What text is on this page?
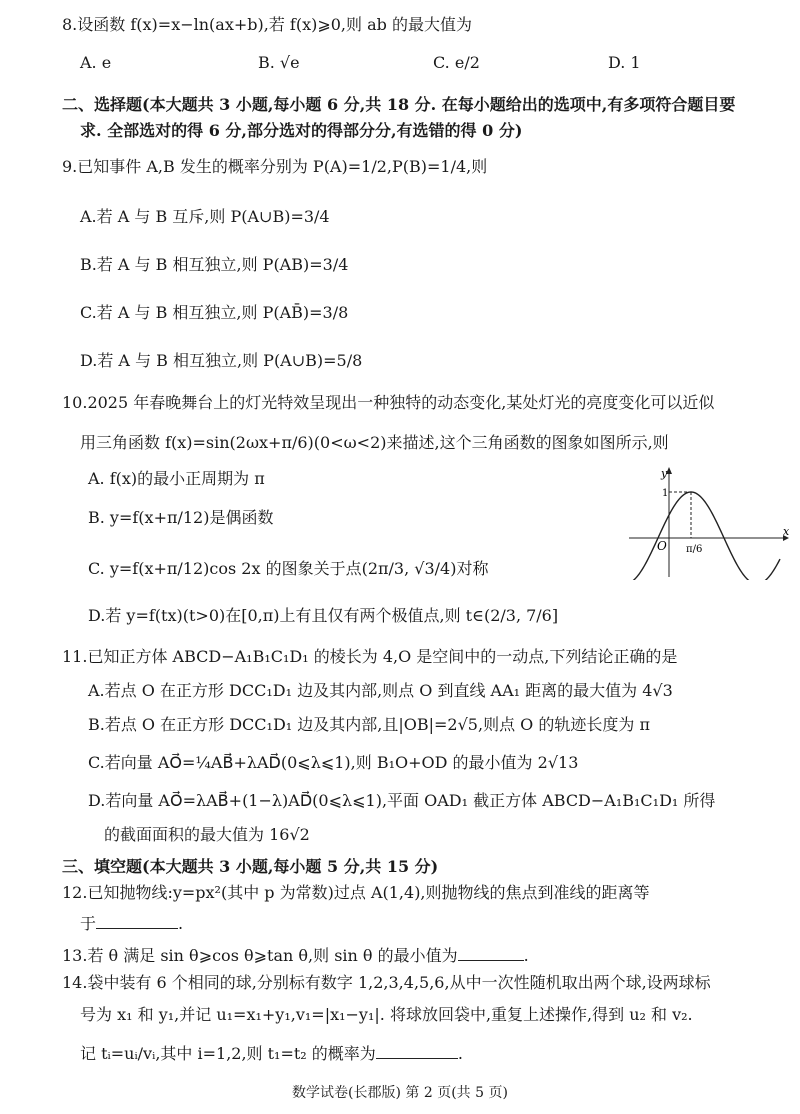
8.设函数 f(x)=x−ln(ax+b),若 f(x)⩾0,则 ab 的最大值为
A. e	B. √e	C. e/2	D. 1
二、选择题(本大题共 3 小题,每小题 6 分,共 18 分. 在每小题给出的选项中,有多项符合题目要
求. 全部选对的得 6 分,部分选对的得部分分,有选错的得 0 分)
9.已知事件 A,B 发生的概率分别为 P(A)=1/2,P(B)=1/4,则
A.若 A 与 B 互斥,则 P(A∪B)=3/4
B.若 A 与 B 相互独立,则 P(AB)=3/4
C.若 A 与 B 相互独立,则 P(AB̄)=3/8
D.若 A 与 B 相互独立,则 P(A∪B)=5/8
10.2025 年春晚舞台上的灯光特效呈现出一种独特的动态变化,某处灯光的亮度变化可以近似
用三角函数 f(x)=sin(2ωx+π/6)(0<ω<2)来描述,这个三角函数的图象如图所示,则
A. f(x)的最小正周期为 π
B. y=f(x+π/12)是偶函数
C. y=f(x+π/12)cos 2x 的图象关于点(2π/3, √3/4)对称
D.若 y=f(tx)(t>0)在[0,π)上有且仅有两个极值点,则 t∈(2/3, 7/6]
y
x
O
1
π/6
11.已知正方体 ABCD−A₁B₁C₁D₁ 的棱长为 4,O 是空间中的一动点,下列结论正确的是
A.若点 O 在正方形 DCC₁D₁ 边及其内部,则点 O 到直线 AA₁ 距离的最大值为 4√3
B.若点 O 在正方形 DCC₁D₁ 边及其内部,且|OB|=2√5,则点 O 的轨迹长度为 π
C.若向量 AO⃗=¼AB⃗+λAD⃗(0⩽λ⩽1),则 B₁O+OD 的最小值为 2√13
D.若向量 AO⃗=λAB⃗+(1−λ)AD⃗(0⩽λ⩽1),平面 OAD₁ 截正方体 ABCD−A₁B₁C₁D₁ 所得
的截面面积的最大值为 16√2
三、填空题(本大题共 3 小题,每小题 5 分,共 15 分)
12.已知抛物线:y=px²(其中 p 为常数)过点 A(1,4),则抛物线的焦点到准线的距离等
于	.
13.若 θ 满足 sin θ⩾cos θ⩾tan θ,则 sin θ 的最小值为	.
14.袋中装有 6 个相同的球,分别标有数字 1,2,3,4,5,6,从中一次性随机取出两个球,设两球标
号为 x₁ 和 y₁,并记 u₁=x₁+y₁,v₁=|x₁−y₁|. 将球放回袋中,重复上述操作,得到 u₂ 和 v₂.
记 tᵢ=uᵢ/vᵢ,其中 i=1,2,则 t₁=t₂ 的概率为	.
数学试卷(长郡版) 第 2 页(共 5 页)
